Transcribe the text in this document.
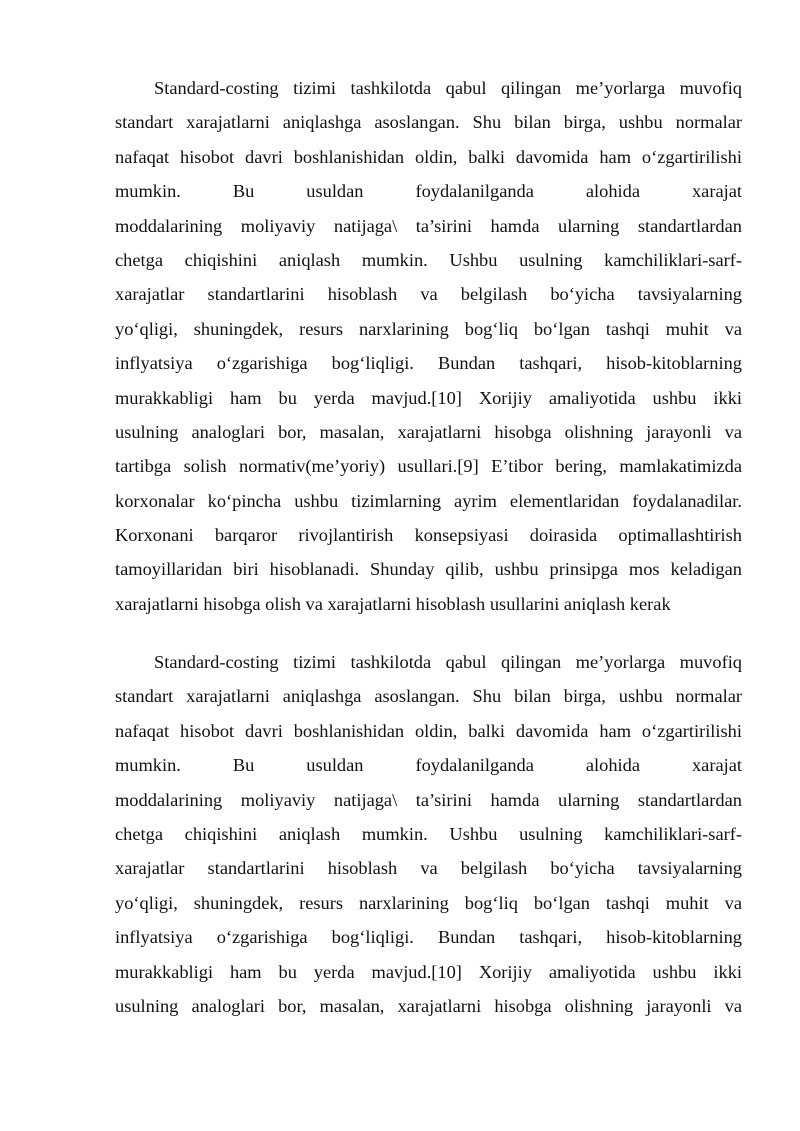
Standard-costing tizimi tashkilotda qabul qilingan me’yorlarga muvofiq
standart xarajatlarni aniqlashga asoslangan. Shu bilan birga, ushbu normalar
nafaqat hisobot davri boshlanishidan oldin, balki davomida ham o‘zgartirilishi
mumkin. Bu usuldan foydalanilganda alohida xarajat
moddalarining moliyaviy natijaga\ ta’sirini hamda ularning standartlardan
chetga chiqishini aniqlash mumkin. Ushbu usulning kamchiliklari-sarf-
xarajatlar standartlarini hisoblash va belgilash bo‘yicha tavsiyalarning
yo‘qligi, shuningdek, resurs narxlarining bog‘liq bo‘lgan tashqi muhit va
inflyatsiya o‘zgarishiga bog‘liqligi. Bundan tashqari, hisob-kitoblarning
murakkabligi ham bu yerda mavjud.[10] Xorijiy amaliyotida ushbu ikki
usulning analoglari bor, masalan, xarajatlarni hisobga olishning jarayonli va
tartibga solish normativ(me’yoriy) usullari.[9] E’tibor bering, mamlakatimizda
korxonalar ko‘pincha ushbu tizimlarning ayrim elementlaridan foydalanadilar.
Korxonani barqaror rivojlantirish konsepsiyasi doirasida optimallashtirish
tamoyillaridan biri hisoblanadi. Shunday qilib, ushbu prinsipga mos keladigan
xarajatlarni hisobga olish va xarajatlarni hisoblash usullarini aniqlash kerak
Standard-costing tizimi tashkilotda qabul qilingan me’yorlarga muvofiq
standart xarajatlarni aniqlashga asoslangan. Shu bilan birga, ushbu normalar
nafaqat hisobot davri boshlanishidan oldin, balki davomida ham o‘zgartirilishi
mumkin. Bu usuldan foydalanilganda alohida xarajat
moddalarining moliyaviy natijaga\ ta’sirini hamda ularning standartlardan
chetga chiqishini aniqlash mumkin. Ushbu usulning kamchiliklari-sarf-
xarajatlar standartlarini hisoblash va belgilash bo‘yicha tavsiyalarning
yo‘qligi, shuningdek, resurs narxlarining bog‘liq bo‘lgan tashqi muhit va
inflyatsiya o‘zgarishiga bog‘liqligi. Bundan tashqari, hisob-kitoblarning
murakkabligi ham bu yerda mavjud.[10] Xorijiy amaliyotida ushbu ikki
usulning analoglari bor, masalan, xarajatlarni hisobga olishning jarayonli va
